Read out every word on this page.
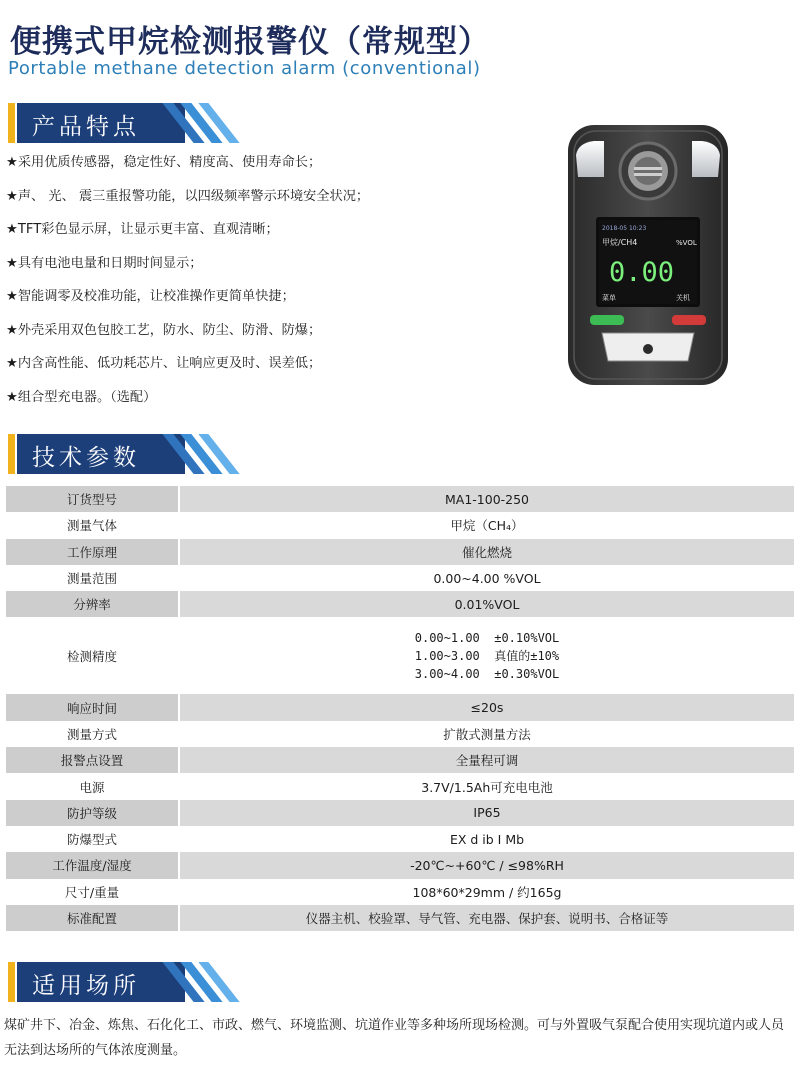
便携式甲烷检测报警仪（常规型）
Portable methane detection alarm (conventional)
产品特点
★采用优质传感器，稳定性好、精度高、使用寿命长；
★声、 光、 震三重报警功能，以四级频率警示环境安全状况；
★TFT彩色显示屏，让显示更丰富、直观清晰；
★具有电池电量和日期时间显示；
★智能调零及校准功能，让校准操作更简单快捷；
★外壳采用双色包胶工艺，防水、防尘、防滑、防爆；
★内含高性能、低功耗芯片、让响应更及时、误差低；
★组合型充电器。（选配）
2018-05 10:23
甲烷/CH4	%VOL
0.00
菜单	关机
技术参数
订货型号	MA1-100-250
测量气体	甲烷（CH₄）
工作原理	催化燃烧
测量范围	0.00~4.00 %VOL
分辨率	0.01%VOL
检测精度	0.00~1.00  ±0.10%VOL
1.00~3.00  真值的±10%
3.00~4.00  ±0.30%VOL

响应时间	≤20s
测量方式	扩散式测量方法
报警点设置	全量程可调
电源	3.7V/1.5Ah可充电电池
防护等级	IP65
防爆型式	EX d ib Ⅰ Mb
工作温度/湿度	-20℃~+60℃ / ≤98%RH
尺寸/重量	108*60*29mm / 约165g
标准配置	仪器主机、校验罩、导气管、充电器、保护套、说明书、合格证等
适用场所
煤矿井下、冶金、炼焦、石化化工、市政、燃气、环境监测、坑道作业等多种场所现场检测。可与外置吸气泵配合使用实现坑道内或人员无法到达场所的气体浓度测量。
